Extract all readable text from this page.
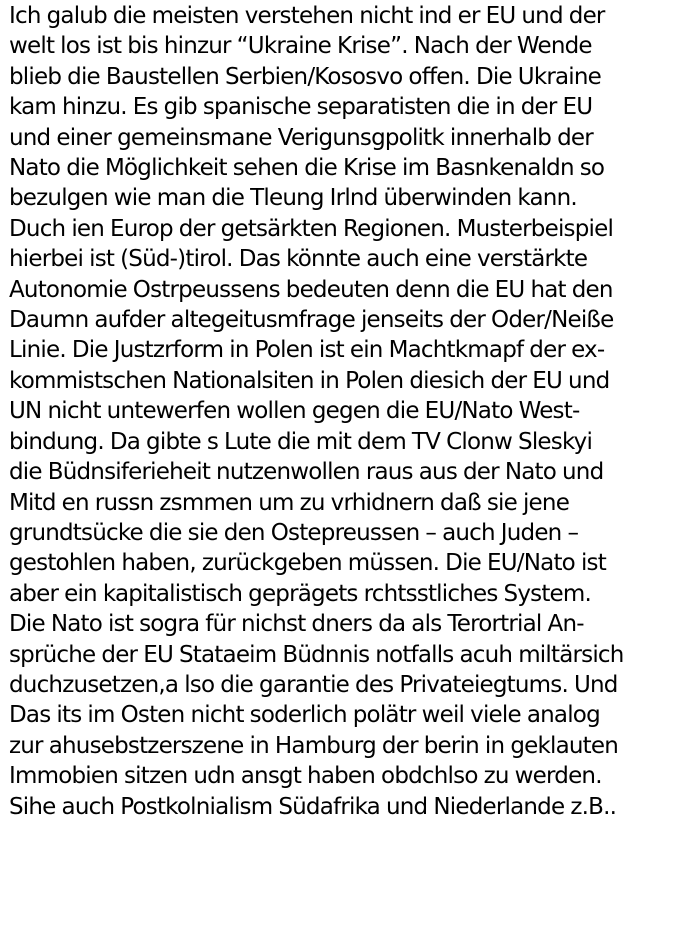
Ich galub die meisten verstehen nicht ind er EU und der
welt los ist bis hinzur “Ukraine Krise”. Nach der Wende
blieb die Baustellen Serbien/Kososvo offen. Die Ukraine
kam hinzu. Es gib spanische separatisten die in der EU
und einer gemeinsmane Verigunsgpolitk innerhalb der
Nato die Möglichkeit sehen die Krise im Basnkenaldn so
bezulgen wie man die Tleung Irlnd überwinden kann.
Duch ien Europ der getsärkten Regionen. Musterbeispiel
hierbei ist (Süd-)tirol. Das könnte auch eine verstärkte
Autonomie Ostrpeussens bedeuten denn die EU hat den
Daumn aufder altegeitusmfrage jenseits der Oder/Neiße
Linie. Die Justzrform in Polen ist ein Machtkmapf der ex-
kommistschen Nationalsiten in Polen diesich der EU und
UN nicht untewerfen wollen gegen die EU/Nato West-
bindung. Da gibte s Lute die mit dem TV Clonw Sleskyi
die Büdnsiferieheit nutzenwollen raus aus der Nato und
Mitd en russn zsmmen um zu vrhidnern daß sie jene
grundtsücke die sie den Ostepreussen – auch Juden –
gestohlen haben, zurückgeben müssen. Die EU/Nato ist
aber ein kapitalistisch geprägets rchtsstliches System.
Die Nato ist sogra für nichst dners da als Terortrial An-
sprüche der EU Stataeim Büdnnis notfalls acuh miltärsich
duchzusetzen,a lso die garantie des Privateiegtums. Und
Das its im Osten nicht soderlich polätr weil viele analog
zur ahusebstzerszene in Hamburg der berin in geklauten
Immobien sitzen udn ansgt haben obdchlso zu werden.
Sihe auch Postkolnialism Südafrika und Niederlande z.B..
